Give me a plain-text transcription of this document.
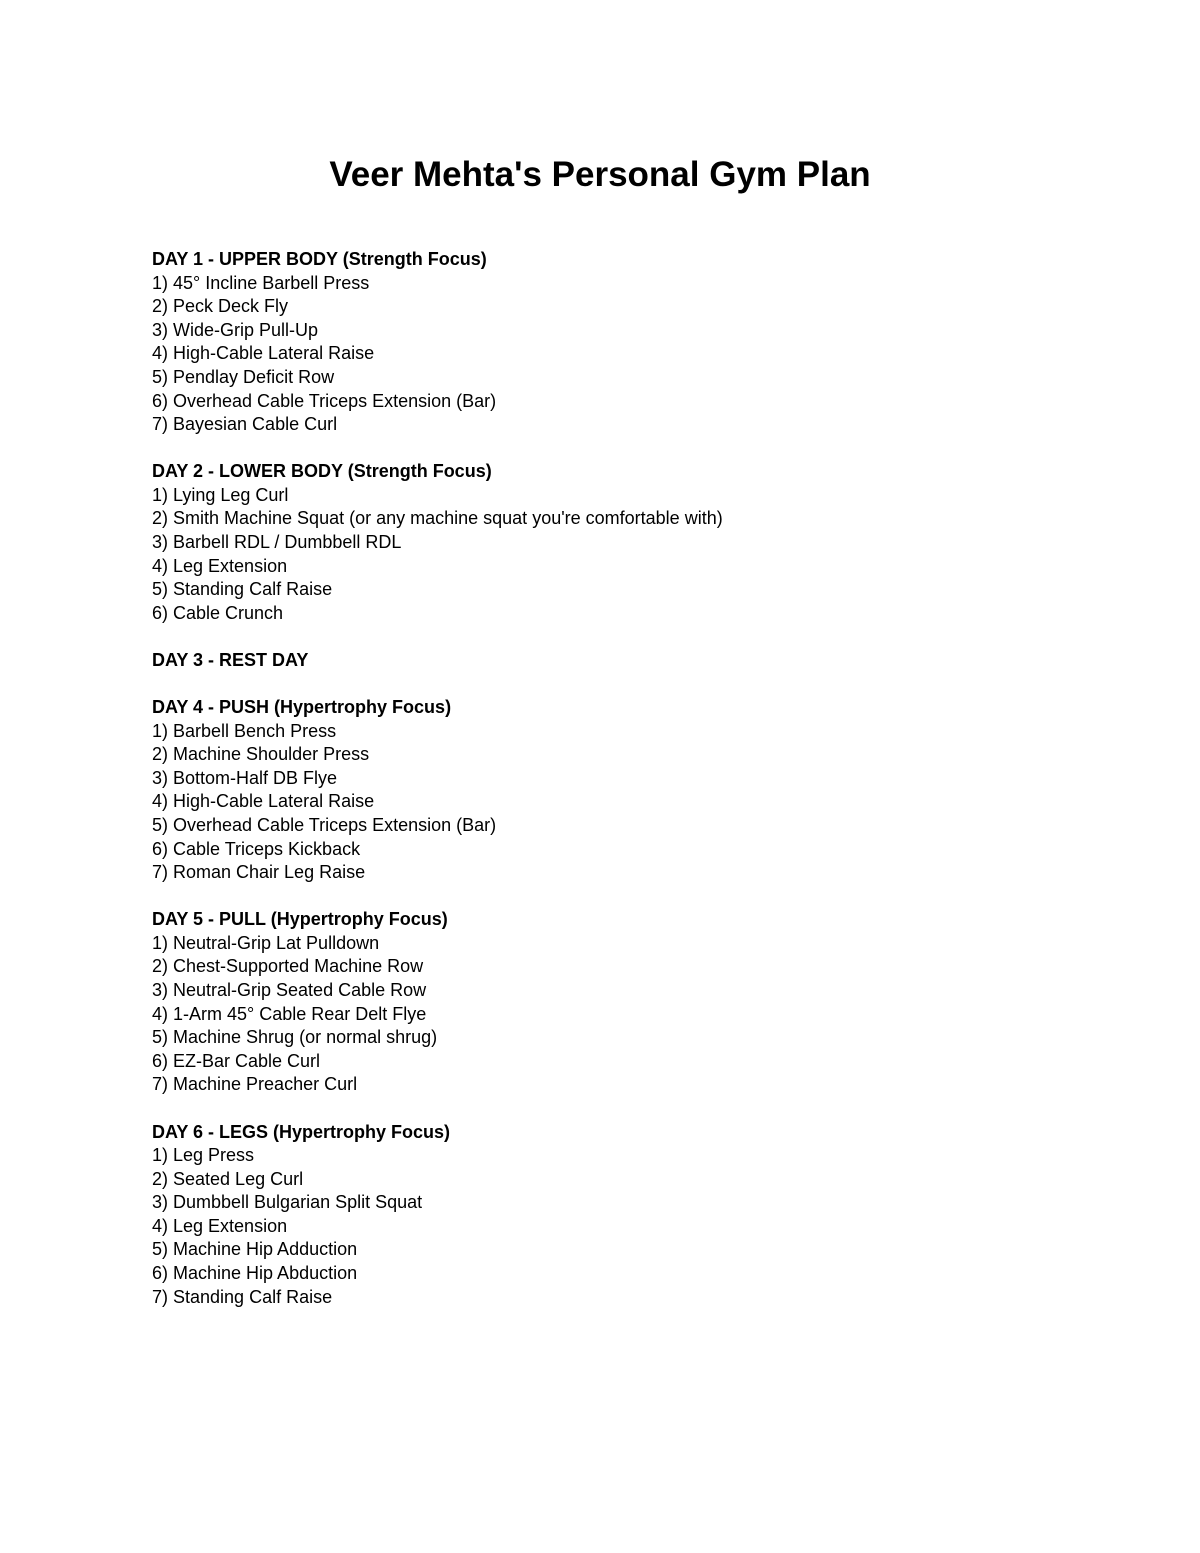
Veer Mehta's Personal Gym Plan
DAY 1 - UPPER BODY (Strength Focus)
1) 45° Incline Barbell Press
2) Peck Deck Fly
3) Wide-Grip Pull-Up
4) High-Cable Lateral Raise
5) Pendlay Deficit Row
6) Overhead Cable Triceps Extension (Bar)
7) Bayesian Cable Curl
DAY 2 - LOWER BODY (Strength Focus)
1) Lying Leg Curl
2) Smith Machine Squat (or any machine squat you're comfortable with)
3) Barbell RDL / Dumbbell RDL
4) Leg Extension
5) Standing Calf Raise
6) Cable Crunch
DAY 3 - REST DAY
DAY 4 - PUSH (Hypertrophy Focus)
1) Barbell Bench Press
2) Machine Shoulder Press
3) Bottom-Half DB Flye
4) High-Cable Lateral Raise
5) Overhead Cable Triceps Extension (Bar)
6) Cable Triceps Kickback
7) Roman Chair Leg Raise
DAY 5 - PULL (Hypertrophy Focus)
1) Neutral-Grip Lat Pulldown
2) Chest-Supported Machine Row
3) Neutral-Grip Seated Cable Row
4) 1-Arm 45° Cable Rear Delt Flye
5) Machine Shrug (or normal shrug)
6) EZ-Bar Cable Curl
7) Machine Preacher Curl
DAY 6 - LEGS (Hypertrophy Focus)
1) Leg Press
2) Seated Leg Curl
3) Dumbbell Bulgarian Split Squat
4) Leg Extension
5) Machine Hip Adduction
6) Machine Hip Abduction
7) Standing Calf Raise
